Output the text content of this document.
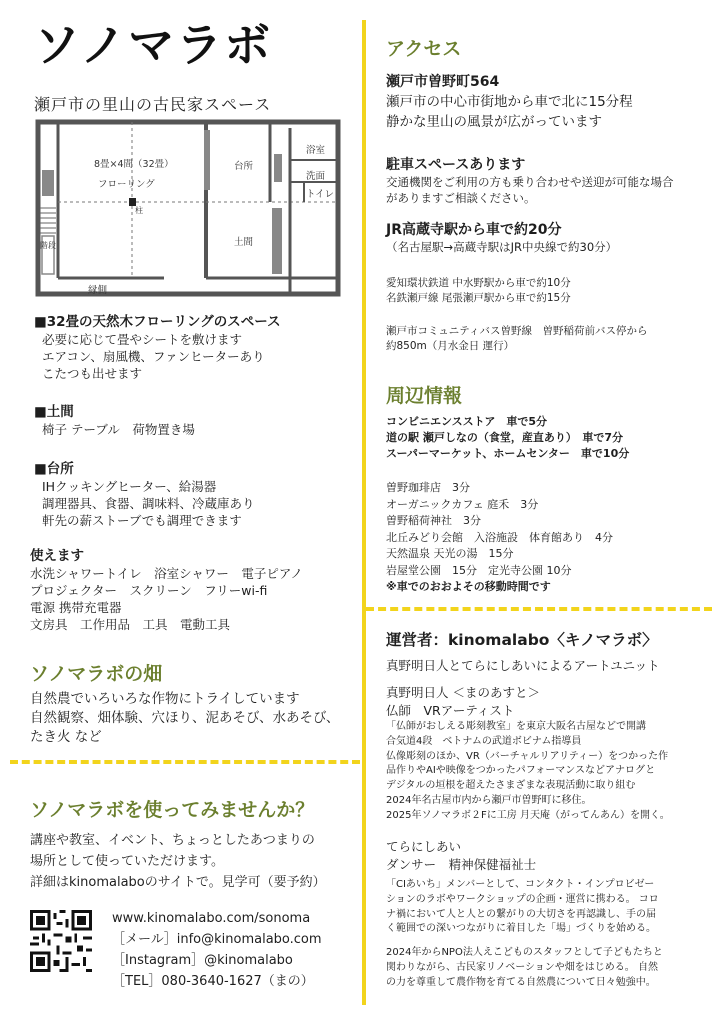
ソノマラボ
瀬戸市の里山の古民家スペース
8畳×4間（32畳）
フローリング
柱
台所
浴室
洗面
トイレ
土間
階段
縁側
■32畳の天然木フローリングのスペース
必要に応じて畳やシートを敷けます
エアコン、扇風機、ファンヒーターあり
こたつも出せます
■土間
椅子 テーブル　荷物置き場
■台所
IHクッキングヒーター、給湯器
調理器具、食器、調味料、冷蔵庫あり
軒先の薪ストーブでも調理できます
使えます
水洗シャワートイレ　浴室シャワー　電子ピアノ
プロジェクター　スクリーン　フリーwi-fi
電源 携帯充電器
文房具　工作用品　工具　電動工具
ソノマラボの畑
自然農でいろいろな作物にトライしています
自然観察、畑体験、穴ほり、泥あそび、水あそび、
たき火 など
ソノマラボを使ってみませんか？
講座や教室、イベント、ちょっとしたあつまりの
場所として使っていただけます。
詳細はkinomalaboのサイトで。見学可（要予約）
www.kinomalabo.com/sonoma
［メール］info@kinomalabo.com
［Instagram］@kinomalabo
［TEL］080-3640-1627（まの）
アクセス
瀬戸市曽野町564
瀬戸市の中心市街地から車で北に15分程
静かな里山の風景が広がっています
駐車スペースあります
交通機関をご利用の方も乗り合わせや送迎が可能な場合
がありますご相談ください。
JR高蔵寺駅から車で約20分
（名古屋駅→高蔵寺駅はJR中央線で約30分）
愛知環状鉄道 中水野駅から車で約10分
名鉄瀬戸線 尾張瀬戸駅から車で約15分
瀬戸市コミュニティバス曽野線　曽野稲荷前バス停から
約850m（月水金日 運行）
周辺情報
コンビニエンスストア　車で5分
道の駅 瀬戸しなの（食堂，産直あり）　車で7分
スーパーマーケット、ホームセンター　車で10分
曽野珈琲店　3分
オーガニックカフェ 庭禾　3分
曽野稲荷神社　3分
北丘みどり会館　入浴施設　体育館あり　4分
天然温泉 天光の湯　15分
岩屋堂公園　15分　定光寺公園 10分
※車でのおおよその移動時間です
運営者：kinomalabo〈キノマラボ〉
真野明日人とてらにしあいによるアートユニット
真野明日人 ＜まのあすと＞
仏師　VRアーティスト
「仏師がおしえる彫刻教室」を東京大阪名古屋などで開講
合気道4段　ベトナムの武道ボビナム指導員
仏像彫刻のほか、VR（バーチャルリアリティー）をつかった作
品作りやAIや映像をつかったパフォーマンスなどアナログと
デジタルの垣根を超えたさまざまな表現活動に取り組む
2024年名古屋市内から瀬戸市曽野町に移住。
2025年ソノマラボ２Fに工房 月天庵（がってんあん）を開く。
てらにしあい
ダンサー　精神保健福祉士
「CIあいち」メンバーとして、コンタクト・インプロビゼー
ションのラボやワークショップの企画・運営に携わる。 コロ
ナ禍において人と人との繋がりの大切さを再認識し、手の届
く範囲での深いつながりに着目した「場」づくりを始める。
2024年からNPO法人えこどものスタッフとして子どもたちと
関わりながら、古民家リノベーションや畑をはじめる。 自然
の力を尊重して農作物を育てる自然農について日々勉強中。
